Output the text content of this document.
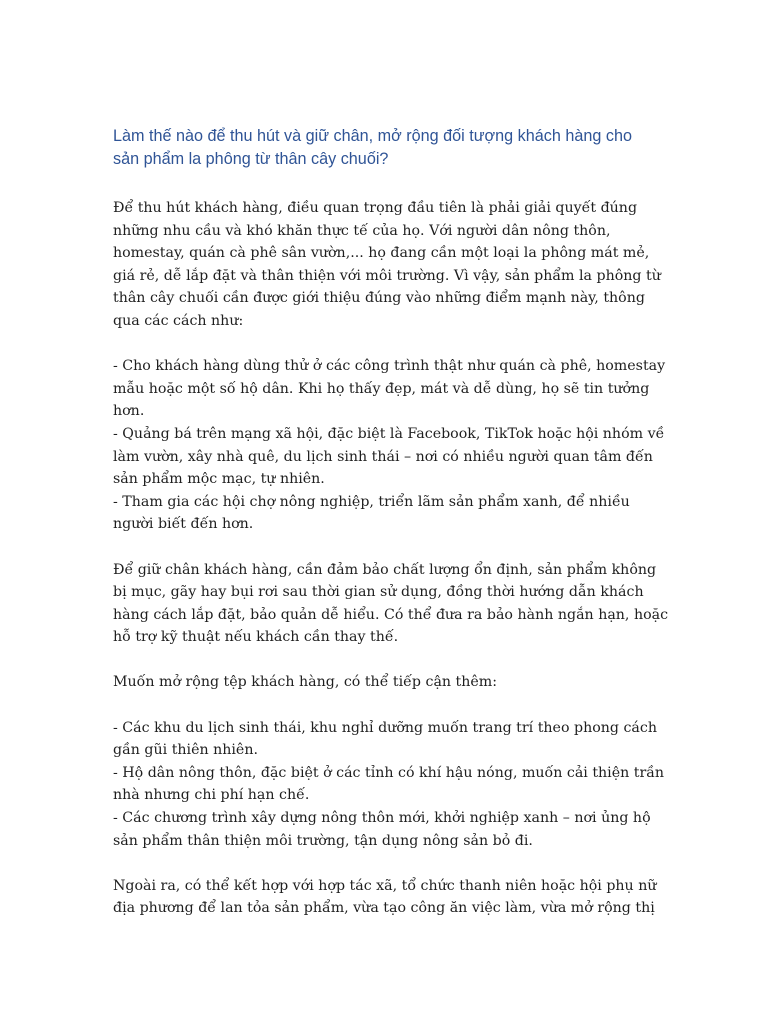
Làm thế nào để thu hút và giữ chân, mở rộng đối tượng khách hàng cho
sản phẩm la phông từ thân cây chuối?
Để thu hút khách hàng, điều quan trọng đầu tiên là phải giải quyết đúng
những nhu cầu và khó khăn thực tế của họ. Với người dân nông thôn,
homestay, quán cà phê sân vườn,... họ đang cần một loại la phông mát mẻ,
giá rẻ, dễ lắp đặt và thân thiện với môi trường. Vì vậy, sản phẩm la phông từ
thân cây chuối cần được giới thiệu đúng vào những điểm mạnh này, thông
qua các cách như:
- Cho khách hàng dùng thử ở các công trình thật như quán cà phê, homestay
mẫu hoặc một số hộ dân. Khi họ thấy đẹp, mát và dễ dùng, họ sẽ tin tưởng
hơn.
- Quảng bá trên mạng xã hội, đặc biệt là Facebook, TikTok hoặc hội nhóm về
làm vườn, xây nhà quê, du lịch sinh thái – nơi có nhiều người quan tâm đến
sản phẩm mộc mạc, tự nhiên.
- Tham gia các hội chợ nông nghiệp, triển lãm sản phẩm xanh, để nhiều
người biết đến hơn.
Để giữ chân khách hàng, cần đảm bảo chất lượng ổn định, sản phẩm không
bị mục, gãy hay bụi rơi sau thời gian sử dụng, đồng thời hướng dẫn khách
hàng cách lắp đặt, bảo quản dễ hiểu. Có thể đưa ra bảo hành ngắn hạn, hoặc
hỗ trợ kỹ thuật nếu khách cần thay thế.
Muốn mở rộng tệp khách hàng, có thể tiếp cận thêm:
- Các khu du lịch sinh thái, khu nghỉ dưỡng muốn trang trí theo phong cách
gần gũi thiên nhiên.
- Hộ dân nông thôn, đặc biệt ở các tỉnh có khí hậu nóng, muốn cải thiện trần
nhà nhưng chi phí hạn chế.
- Các chương trình xây dựng nông thôn mới, khởi nghiệp xanh – nơi ủng hộ
sản phẩm thân thiện môi trường, tận dụng nông sản bỏ đi.
Ngoài ra, có thể kết hợp với hợp tác xã, tổ chức thanh niên hoặc hội phụ nữ
địa phương để lan tỏa sản phẩm, vừa tạo công ăn việc làm, vừa mở rộng thị
